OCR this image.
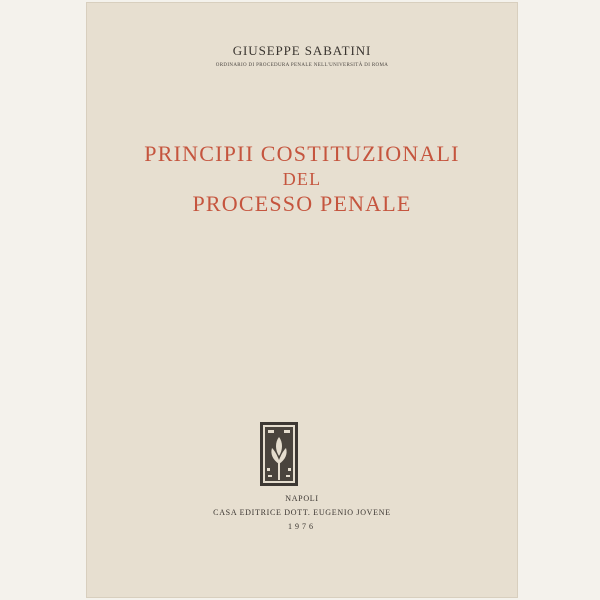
GIUSEPPE SABATINI
ORDINARIO DI PROCEDURA PENALE NELL'UNIVERSITÀ DI ROMA
PRINCIPII COSTITUZIONALI
DEL
PROCESSO PENALE
NAPOLI
CASA EDITRICE DOTT. EUGENIO JOVENE
1976
